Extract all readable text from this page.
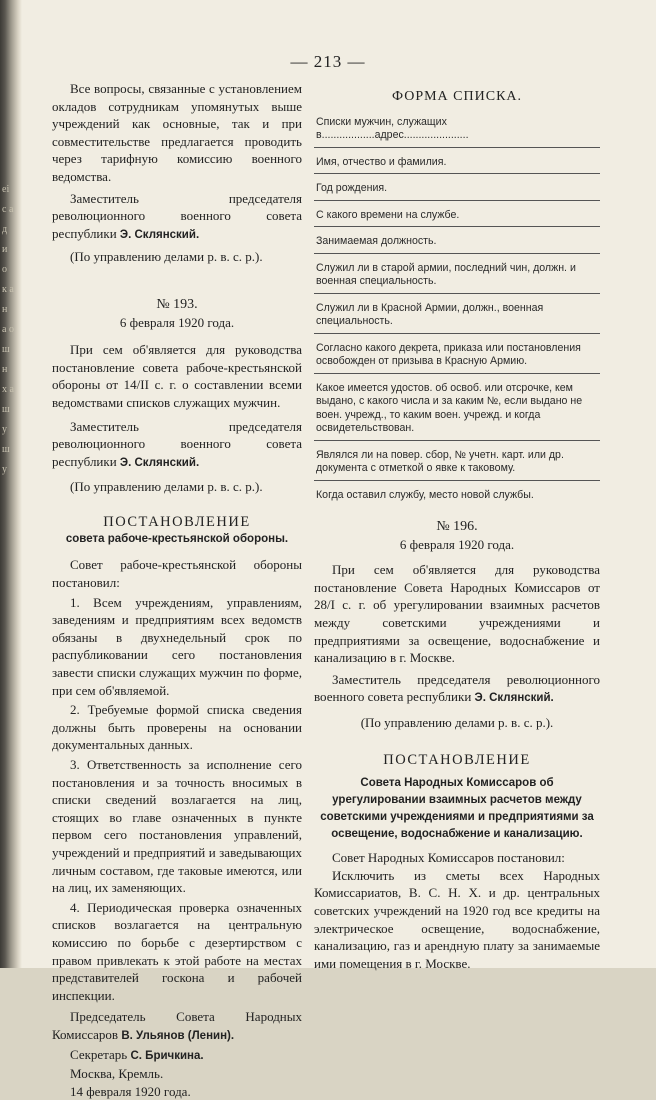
ei с а д и о к а н а о ш н х а ш у ш у
— 213 —

Все вопросы, связанные с установлением окладов сотрудникам упомянутых выше учреждений как основные, так и при совместительстве предлагается проводить через тарифную комиссию военного ведомства.

Заместитель председателя революционного военного совета республики Э. Склянский.

(По управлению делами р. в. с. р.).

№ 193.

6 февраля 1920 года.

При сем об'является для руководства постановление совета рабоче-крестьянской обороны от 14/II с. г. о составлении всеми ведомствами списков служащих мужчин.

Заместитель председателя революционного военного совета республики Э. Склянский.

(По управлению делами р. в. с. р.).

ПОСТАНОВЛЕНИЕ

совета рабоче-крестьянской обороны.

Совет рабоче-крестьянской обороны постановил:

1. Всем учреждениям, управлениям, заведениям и предприятиям всех ведомств обязаны в двухнедельный срок по распубликовании сего постановления завести списки служащих мужчин по форме, при сем об'являемой.

2. Требуемые формой списка сведения должны быть проверены на основании документальных данных.

3. Ответственность за исполнение сего постановления и за точность вносимых в списки сведений возлагается на лиц, стоящих во главе означенных в пункте первом сего постановления управлений, учреждений и предприятий и заведывающих личным составом, где таковые имеются, или на лиц, их заменяющих.

4. Периодическая проверка означенных списков возлагается на центральную комиссию по борьбе с дезертирством с правом привлекать к этой работе на местах представителей госкона и рабочей инспекции.

Председатель Совета Народных Комиссаров В. Ульянов (Ленин).

Секретарь С. Бричкина.

Москва, Кремль.

14 февраля 1920 года.

ФОРМА СПИСКА.

Списки мужчин, служащих в..................адрес......................
Имя, отчество и фамилия.
Год рождения.
С какого времени на службе.
Занимаемая должность.
Служил ли в старой армии, последний чин, должн. и военная специальность.
Служил ли в Красной Армии, должн., военная специальность.
Согласно какого декрета, приказа или постановления освобожден от призыва в Красную Армию.
Какое имеется удостов. об освоб. или отсрочке, кем выдано, с какого числа и за каким №, если выдано не воен. учрежд., то каким воен. учрежд. и когда освидетельствован.
Являлся ли на повер. сбор, № учетн. карт. или др. документа с отметкой о явке к таковому.
Когда оставил службу, место новой службы.

№ 196.

6 февраля 1920 года.

При сем об'является для руководства постановление Совета Народных Комиссаров от 28/I с. г. об урегулировании взаимных расчетов между советскими учреждениями и предприятиями за освещение, водоснабжение и канализацию в г. Москве.

Заместитель председателя революционного военного совета республики Э. Склянский.

(По управлению делами р. в. с. р.).

ПОСТАНОВЛЕНИЕ

Совета Народных Комиссаров об урегулировании взаимных расчетов между советскими учреждениями и предприятиями за освещение, водоснабжение и канализацию.

Совет Народных Комиссаров постановил:

Исключить из сметы всех Народных Комиссариатов, В. С. Н. Х. и др. центральных советских учреждений на 1920 год все кредиты на электрическое освещение, водоснабжение, канализацию, газ и арендную плату за занимаемые ими помещения в г. Москве.
